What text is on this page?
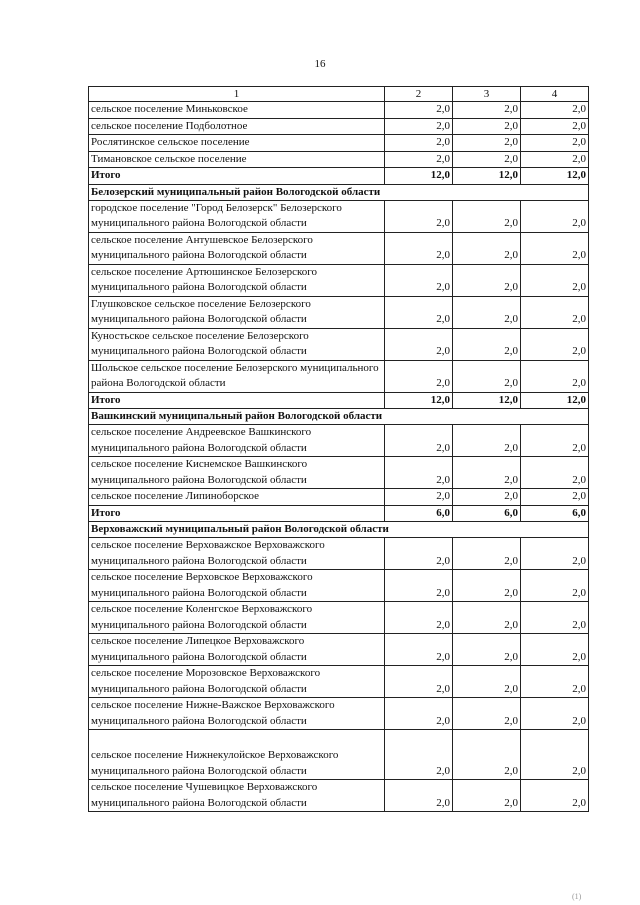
16
1	2	3	4
сельское поселение Миньковское	2,0	2,0	2,0
сельское поселение Подболотное	2,0	2,0	2,0
Рослятинское сельское поселение	2,0	2,0	2,0
Тимановское сельское поселение	2,0	2,0	2,0
Итого	12,0	12,0	12,0
Белозерский муниципальный район Вологодской области			
городское поселение "Город Белозерск" Белозерского муниципального района Вологодской области	2,0	2,0	2,0
сельское поселение Антушевское Белозерского муниципального района Вологодской области	2,0	2,0	2,0
сельское поселение Артюшинское Белозерского муниципального района Вологодской области	2,0	2,0	2,0
Глушковское сельское поселение Белозерского муниципального района Вологодской области	2,0	2,0	2,0
Куностьское сельское поселение Белозерского муниципального района Вологодской области	2,0	2,0	2,0
Шольское сельское поселение Белозерского муниципального района Вологодской области	2,0	2,0	2,0
Итого	12,0	12,0	12,0
Вашкинский муниципальный район Вологодской области			
сельское поселение Андреевское Вашкинского муниципального района Вологодской области	2,0	2,0	2,0
сельское поселение Киснемское Вашкинского муниципального района Вологодской области	2,0	2,0	2,0
сельское поселение Липиноборское	2,0	2,0	2,0
Итого	6,0	6,0	6,0
Верховажский муниципальный район Вологодской области			
сельское поселение Верховажское Верховажского муниципального района Вологодской области	2,0	2,0	2,0
сельское поселение Верховское Верховажского муниципального района Вологодской области	2,0	2,0	2,0
сельское поселение Коленгское Верховажского муниципального района Вологодской области	2,0	2,0	2,0
сельское поселение Липецкое Верховажского муниципального района Вологодской области	2,0	2,0	2,0
сельское поселение Морозовское Верховажского муниципального района Вологодской области	2,0	2,0	2,0
сельское поселение Нижне-Важское Верховажского муниципального района Вологодской области	2,0	2,0	2,0
сельское поселение Нижнекулойское Верховажского муниципального района Вологодской области	2,0	2,0	2,0
сельское поселение Чушевицкое Верховажского муниципального района Вологодской области	2,0	2,0	2,0
(1)
